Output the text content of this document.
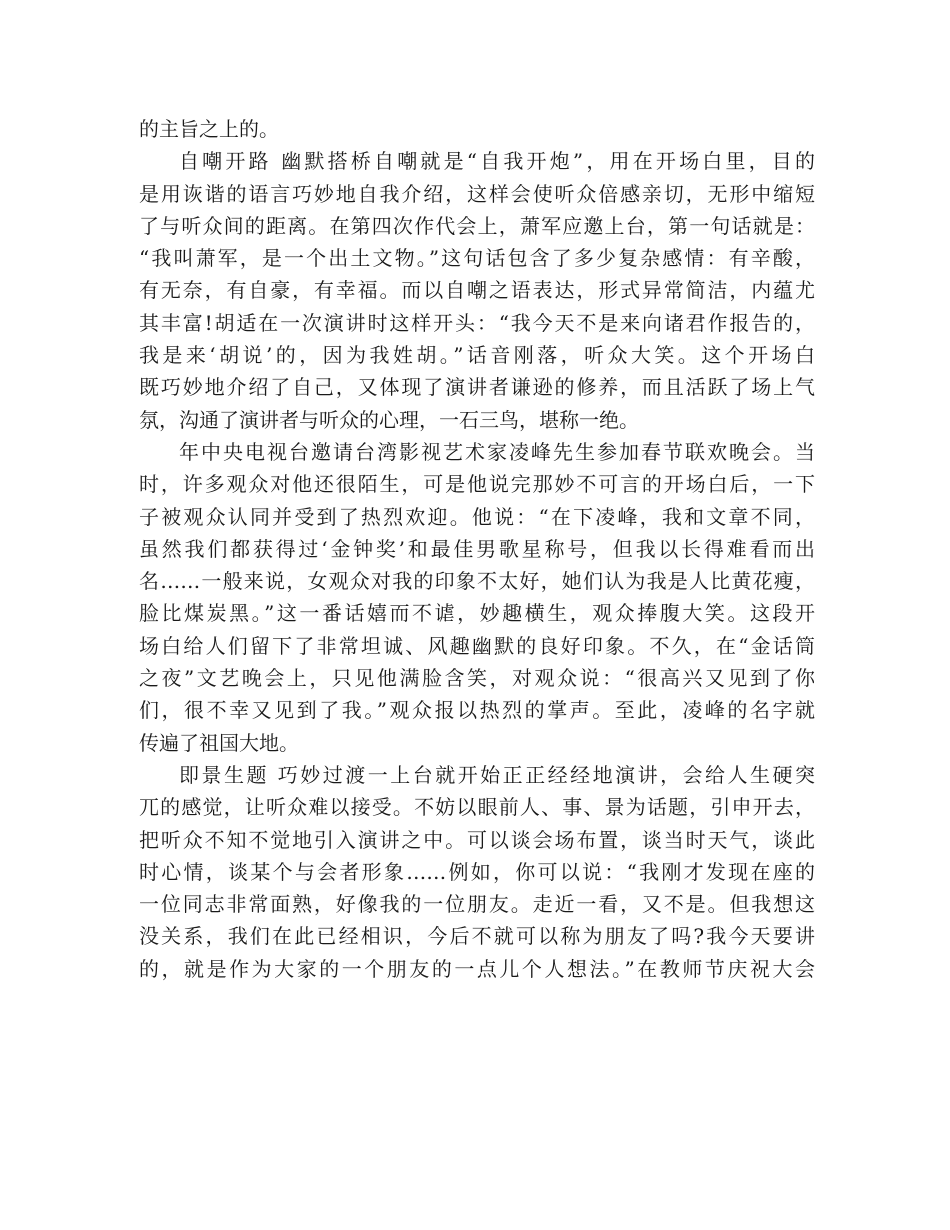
的主旨之上的。
自嘲开路 幽默搭桥自嘲就是“自我开炮”，用在开场白里，目的
是用诙谐的语言巧妙地自我介绍，这样会使听众倍感亲切，无形中缩短
了与听众间的距离。在第四次作代会上，萧军应邀上台，第一句话就是：
“我叫萧军，是一个出土文物。”这句话包含了多少复杂感情：有辛酸，
有无奈，有自豪，有幸福。而以自嘲之语表达，形式异常简洁，内蕴尤
其丰富!胡适在一次演讲时这样开头：“我今天不是来向诸君作报告的，
我是来‘胡说’的，因为我姓胡。”话音刚落，听众大笑。这个开场白
既巧妙地介绍了自己，又体现了演讲者谦逊的修养，而且活跃了场上气
氛，沟通了演讲者与听众的心理，一石三鸟，堪称一绝。
年中央电视台邀请台湾影视艺术家凌峰先生参加春节联欢晚会。当
时，许多观众对他还很陌生，可是他说完那妙不可言的开场白后，一下
子被观众认同并受到了热烈欢迎。他说：“在下凌峰，我和文章不同，
虽然我们都获得过‘金钟奖’和最佳男歌星称号，但我以长得难看而出
名……一般来说，女观众对我的印象不太好，她们认为我是人比黄花瘦，
脸比煤炭黑。”这一番话嬉而不谑，妙趣横生，观众捧腹大笑。这段开
场白给人们留下了非常坦诚、风趣幽默的良好印象。不久，在“金话筒
之夜”文艺晚会上，只见他满脸含笑，对观众说：“很高兴又见到了你
们，很不幸又见到了我。”观众报以热烈的掌声。至此，凌峰的名字就
传遍了祖国大地。
即景生题 巧妙过渡一上台就开始正正经经地演讲，会给人生硬突
兀的感觉，让听众难以接受。不妨以眼前人、事、景为话题，引申开去，
把听众不知不觉地引入演讲之中。可以谈会场布置，谈当时天气，谈此
时心情，谈某个与会者形象……例如，你可以说：“我刚才发现在座的
一位同志非常面熟，好像我的一位朋友。走近一看，又不是。但我想这
没关系，我们在此已经相识，今后不就可以称为朋友了吗?我今天要讲
的，就是作为大家的一个朋友的一点儿个人想法。”在教师节庆祝大会
